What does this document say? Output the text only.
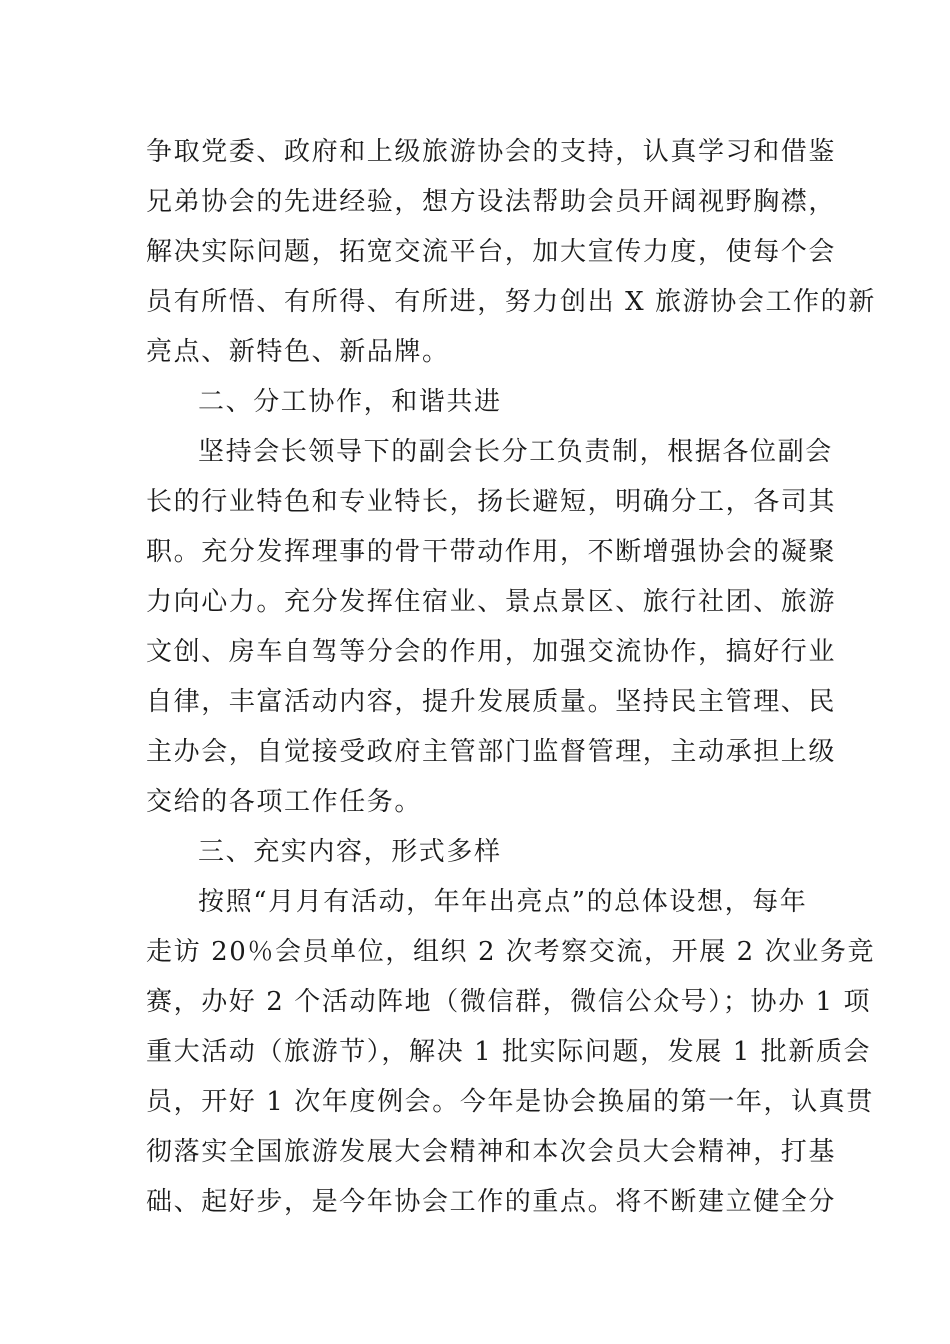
争取党委、政府和上级旅游协会的支持，认真学习和借鉴
兄弟协会的先进经验，想方设法帮助会员开阔视野胸襟，
解决实际问题，拓宽交流平台，加大宣传力度，使每个会
员有所悟、有所得、有所进，努力创出 X 旅游协会工作的新
亮点、新特色、新品牌。
二、分工协作，和谐共进
坚持会长领导下的副会长分工负责制，根据各位副会
长的行业特色和专业特长，扬长避短，明确分工，各司其
职。充分发挥理事的骨干带动作用，不断增强协会的凝聚
力向心力。充分发挥住宿业、景点景区、旅行社团、旅游
文创、房车自驾等分会的作用，加强交流协作，搞好行业
自律，丰富活动内容，提升发展质量。坚持民主管理、民
主办会，自觉接受政府主管部门监督管理，主动承担上级
交给的各项工作任务。
三、充实内容，形式多样
按照“月月有活动，年年出亮点”的总体设想，每年
走访 20％会员单位，组织 2 次考察交流，开展 2 次业务竞
赛，办好 2 个活动阵地（微信群，微信公众号）；协办 1 项
重大活动（旅游节），解决 1 批实际问题，发展 1 批新质会
员，开好 1 次年度例会。今年是协会换届的第一年，认真贯
彻落实全国旅游发展大会精神和本次会员大会精神，打基
础、起好步，是今年协会工作的重点。将不断建立健全分
